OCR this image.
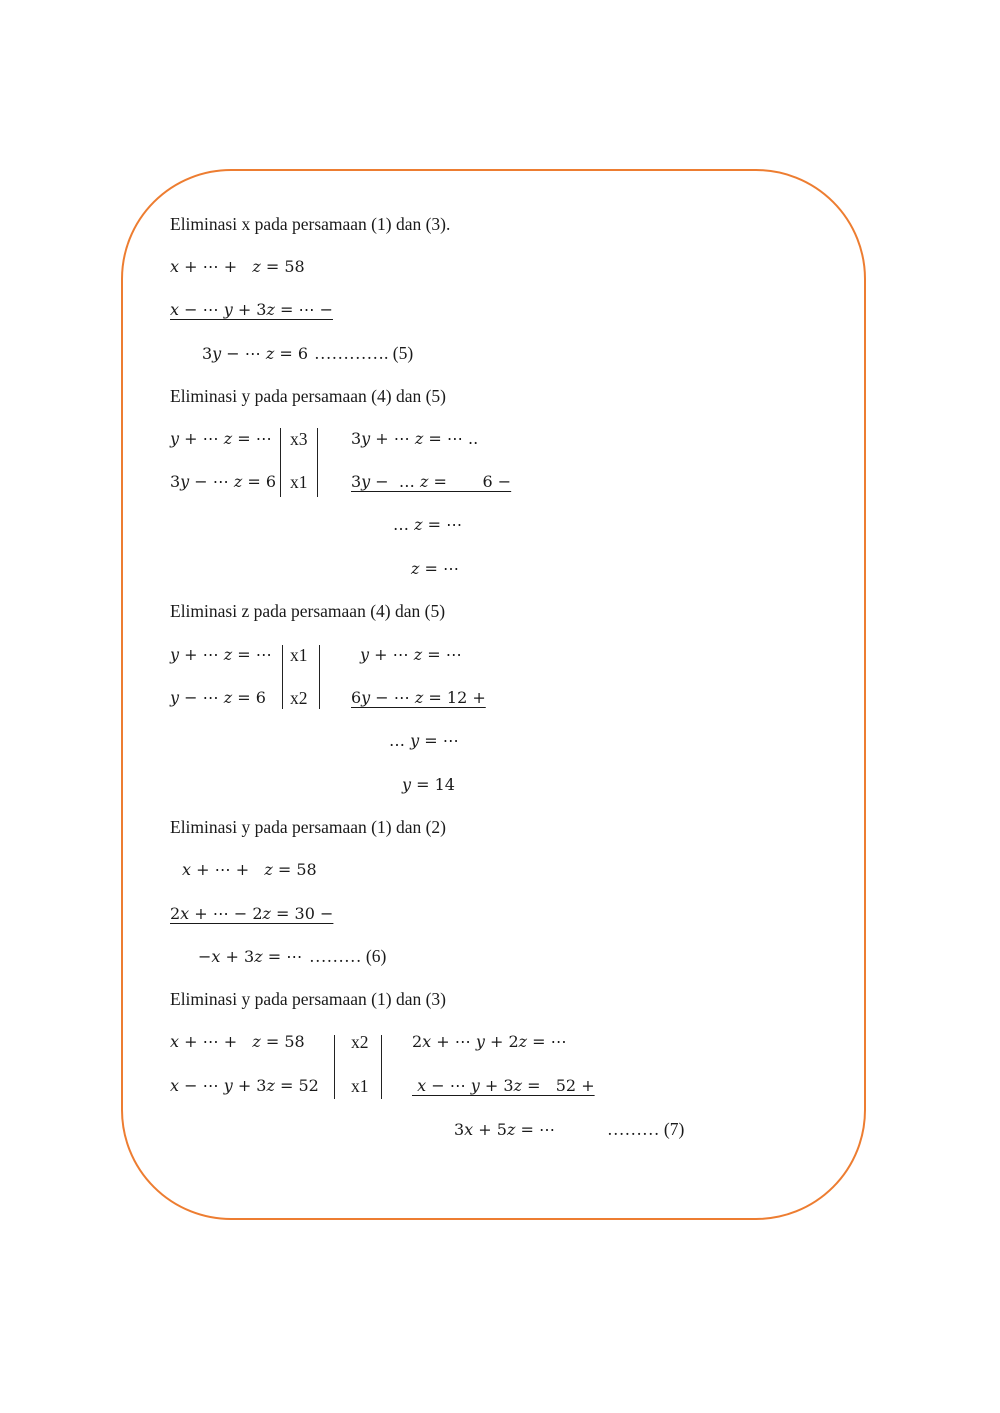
Eliminasi x pada persamaan (1) dan (3).
𝑥 + ⋯ +   𝑧 = 58
𝑥 − ⋯ 𝑦 + 3𝑧 = ⋯ −
3𝑦 − ⋯ 𝑧 = 6 …………. (5)
Eliminasi y pada persamaan (4) dan (5)
𝑦 + ⋯ 𝑧 = ⋯
3𝑦 − ⋯ 𝑧 = 6
x3
x1
3𝑦 + ⋯ 𝑧 = ⋯ ..
3𝑦 −  … 𝑧 =       6 −
… 𝑧 = ⋯
𝑧 = ⋯
Eliminasi z pada persamaan (4) dan (5)
𝑦 + ⋯ 𝑧 = ⋯
𝑦 − ⋯ 𝑧 = 6
x1
x2
𝑦 + ⋯ 𝑧 = ⋯
6𝑦 − ⋯ 𝑧 = 12 +
… 𝑦 = ⋯
𝑦 = 14
Eliminasi y pada persamaan (1) dan (2)
𝑥 + ⋯ +   𝑧 = 58
2𝑥 + ⋯ − 2𝑧 = 30 −
−𝑥 + 3𝑧 = ⋯ ……… (6)
Eliminasi y pada persamaan (1) dan (3)
𝑥 + ⋯ +   𝑧 = 58
𝑥 − ⋯ 𝑦 + 3𝑧 = 52
x2
x1
2𝑥 + ⋯ 𝑦 + 2𝑧 = ⋯
𝑥 − ⋯ 𝑦 + 3𝑧 =   52 +
3𝑥 + 5𝑧 = ⋯	……… (7)
